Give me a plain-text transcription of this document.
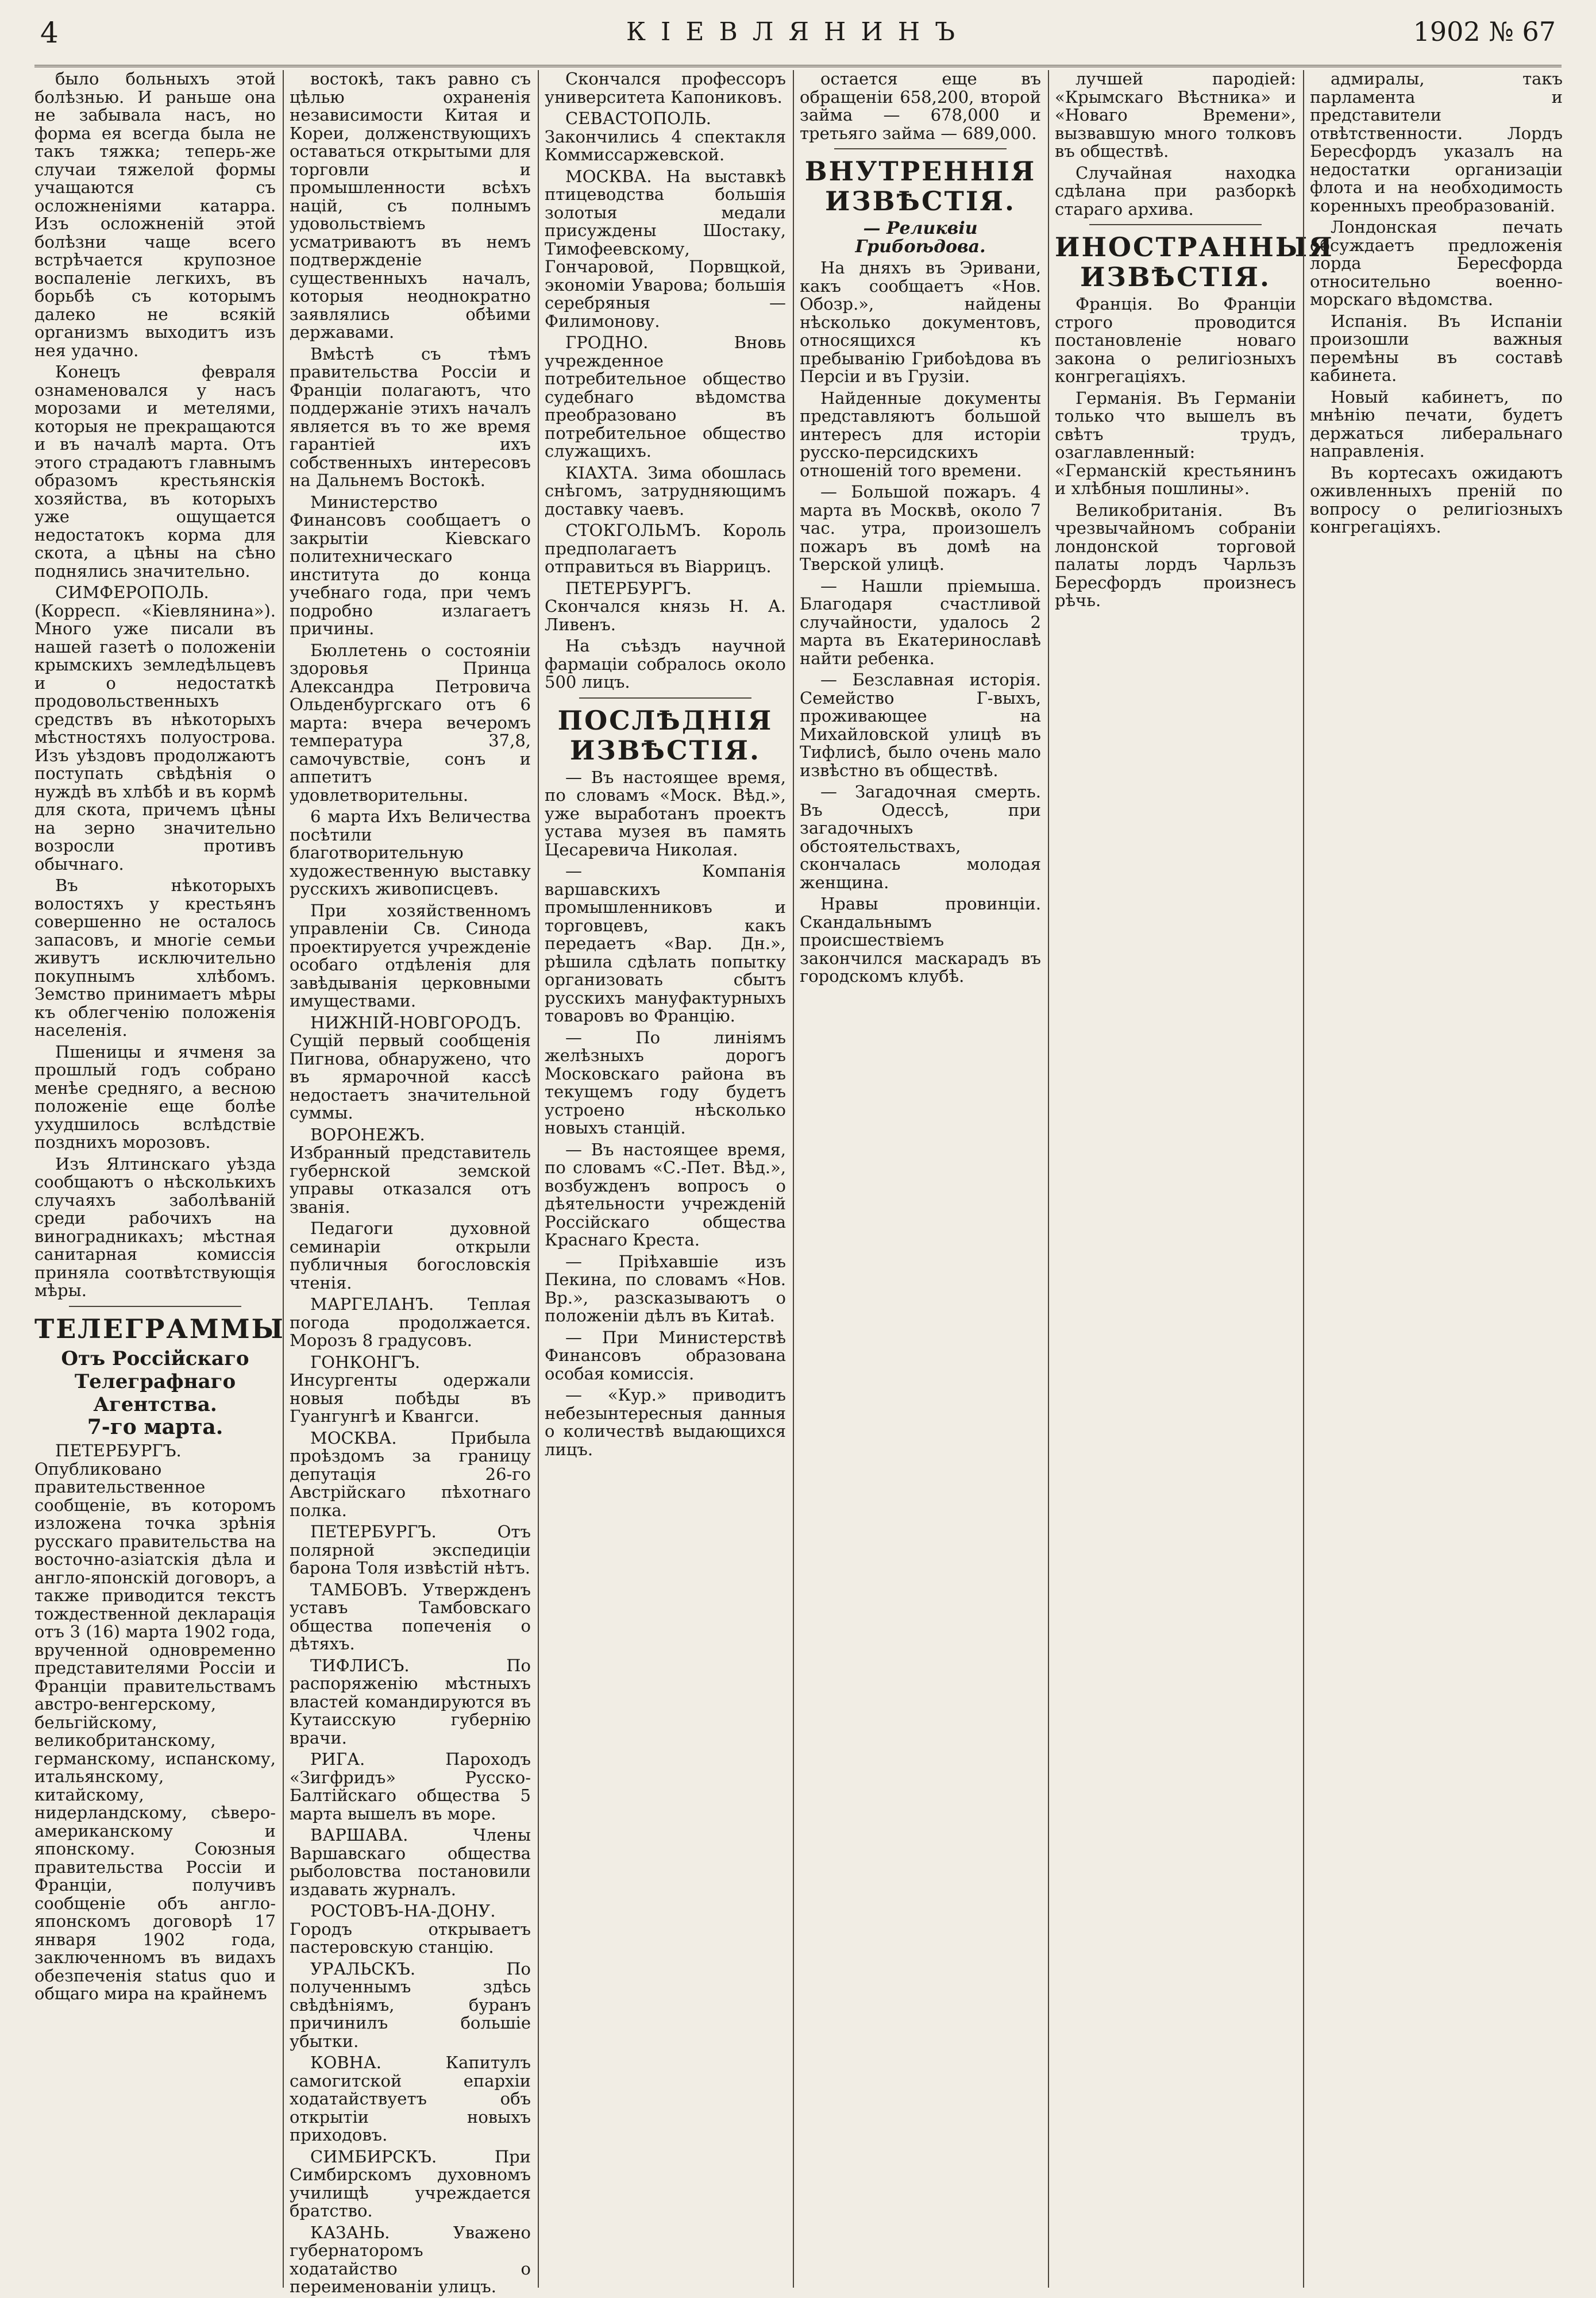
4	КІЕВЛЯНИНЪ	1902 № 67

было больныхъ этой болѣзнью. И раньше она не забывала насъ, но форма ея всегда была не такъ тяжка; теперь-же случаи тяжелой формы учащаются съ осложненіями катарра. Изъ осложненій этой болѣзни чаще всего встрѣчается крупозное воспаленіе легкихъ, въ борьбѣ съ которымъ далеко не всякій организмъ выходитъ изъ нея удачно.

Конецъ февраля ознаменовался у насъ морозами и метелями, которыя не прекращаются и въ началѣ марта. Отъ этого страдаютъ главнымъ образомъ крестьянскія хозяйства, въ которыхъ уже ощущается недостатокъ корма для скота, а цѣны на сѣно поднялись значительно.

СИМФЕРОПОЛЬ. (Корресп. «Кіевлянина»). Много уже писали въ нашей газетѣ о положеніи крымскихъ земледѣльцевъ и о недостаткѣ продовольственныхъ средствъ въ нѣкоторыхъ мѣстностяхъ полуострова. Изъ уѣздовъ продолжаютъ поступать свѣдѣнія о нуждѣ въ хлѣбѣ и въ кормѣ для скота, причемъ цѣны на зерно значительно возросли противъ обычнаго.

Въ нѣкоторыхъ волостяхъ у крестьянъ совершенно не осталось запасовъ, и многіе семьи живутъ исключительно покупнымъ хлѣбомъ. Земство принимаетъ мѣры къ облегченію положенія населенія.

Пшеницы и ячменя за прошлый годъ собрано менѣе средняго, а весною положеніе еще болѣе ухудшилось вслѣдствіе позднихъ морозовъ.

Изъ Ялтинскаго уѣзда сообщаютъ о нѣсколькихъ случаяхъ заболѣваній среди рабочихъ на виноградникахъ; мѣстная санитарная комиссія приняла соотвѣтствующія мѣры.

ТЕЛЕГРАММЫ
Отъ Россійскаго Телеграфнаго Агентства.
7-го марта.

ПЕТЕРБУРГЪ. Опубликовано правительственное сообщеніе, въ которомъ изложена точка зрѣнія русскаго правительства на восточно-азіатскія дѣла и англо-японскій договоръ, а также приводится текстъ тождественной декларація отъ 3 (16) марта 1902 года, врученной одновременно представителями Россіи и Франціи правительствамъ австро-венгерскому, бельгійскому, великобританскому, германскому, испанскому, итальянскому, китайскому, нидерландскому, сѣверо-американскому и японскому. Союзныя правительства Россіи и Франціи, получивъ сообщеніе объ англо-японскомъ договорѣ 17 января 1902 года, заключенномъ въ видахъ обезпеченія status quo и общаго мира на крайнемъ

востокѣ, такъ равно съ цѣлью охраненія независимости Китая и Кореи, долженствующихъ оставаться открытыми для торговли и промышленности всѣхъ націй, съ полнымъ удовольствіемъ усматриваютъ въ немъ подтвержденіе существенныхъ началъ, которыя неоднократно заявлялись обѣими державами.

Вмѣстѣ съ тѣмъ правительства Россіи и Франціи полагаютъ, что поддержаніе этихъ началъ является въ то же время гарантіей ихъ собственныхъ интересовъ на Дальнемъ Востокѣ.

Министерство Финансовъ сообщаетъ о закрытіи Кіевскаго политехническаго института до конца учебнаго года, при чемъ подробно излагаетъ причины.

Бюллетень о состояніи здоровья Принца Александра Петровича Ольденбургскаго отъ 6 марта: вчера вечеромъ температура 37,8, самочувствіе, сонъ и аппетитъ удовлетворительны.

6 марта Ихъ Величества посѣтили благотворительную художественную выставку русскихъ живописцевъ.

При хозяйственномъ управленіи Св. Синода проектируется учрежденіе особаго отдѣленія для завѣдыванія церковными имуществами.

НИЖНІЙ-НОВГОРОДЪ. Сущій первый сообщенія Пигнова, обнаружено, что въ ярмарочной кассѣ недостаетъ значительной суммы.

ВОРОНЕЖЪ. Избранный представитель губернской земской управы отказался отъ званія.

Педагоги духовной семинаріи открыли публичныя богословскія чтенія.

МАРГЕЛАНЪ. Теплая погода продолжается. Морозъ 8 градусовъ.

ГОНКОНГЪ. Инсургенты одержали новыя побѣды въ Гуангунгѣ и Квангси.

МОСКВА. Прибыла проѣздомъ за границу депутація 26-го Австрійскаго пѣхотнаго полка.

ПЕТЕРБУРГЪ. Отъ полярной экспедиціи барона Толя извѣстій нѣтъ.

ТАМБОВЪ. Утвержденъ уставъ Тамбовскаго общества попеченія о дѣтяхъ.

ТИФЛИСЪ. По распоряженію мѣстныхъ властей командируются въ Кутаисскую губернію врачи.

РИГА. Пароходъ «Зигфридъ» Русско-Балтійскаго общества 5 марта вышелъ въ море.

ВАРШАВА. Члены Варшавскаго общества рыболовства постановили издавать журналъ.

РОСТОВЪ-НА-ДОНУ. Городъ открываетъ пастеровскую станцію.

УРАЛЬСКЪ. По полученнымъ здѣсь свѣдѣніямъ, буранъ причинилъ большіе убытки.

КОВНА. Капитулъ самогитской епархіи ходатайствуетъ объ открытіи новыхъ приходовъ.

СИМБИРСКЪ. При Симбирскомъ духовномъ училищѣ учреждается братство.

КАЗАНЬ. Уважено губернаторомъ ходатайство о переименованіи улицъ.

Скончался профессоръ университета Капониковъ.

СЕВАСТОПОЛЬ. Закончились 4 спектакля Коммиссаржевской.

МОСКВА. На выставкѣ птицеводства большія золотыя медали присуждены Шостаку, Тимофеевскому, Гончаровой, Порвщкой, экономіи Уварова; большія серебряныя — Филимонову.

ГРОДНО. Вновь учрежденное потребительное общество судебнаго вѣдомства преобразовано въ потребительное общество служащихъ.

КІАХТА. Зима обошлась снѣгомъ, затрудняющимъ доставку чаевъ.

СТОКГОЛЬМЪ. Король предполагаетъ отправиться въ Віаррицъ.

ПЕТЕРБУРГЪ. Скончался князь Н. А. Ливенъ.

На съѣздъ научной фармаціи собралось около 500 лицъ.

ПОСЛѢДНІЯ ИЗВѢСТІЯ.

— Въ настоящее время, по словамъ «Моск. Вѣд.», уже выработанъ проектъ устава музея въ память Цесаревича Николая.

— Компанія варшавскихъ промышленниковъ и торговцевъ, какъ передаетъ «Вар. Дн.», рѣшила сдѣлать попытку организовать сбытъ русскихъ мануфактурныхъ товаровъ во Францію.

— По линіямъ желѣзныхъ дорогъ Московскаго района въ текущемъ году будетъ устроено нѣсколько новыхъ станцій.

— Въ настоящее время, по словамъ «С.-Пет. Вѣд.», возбужденъ вопросъ о дѣятельности учрежденій Россійскаго общества Краснаго Креста.

— Пріѣхавшіе изъ Пекина, по словамъ «Нов. Вр.», разсказываютъ о положеніи дѣлъ въ Китаѣ.

— При Министерствѣ Финансовъ образована особая комиссія.

— «Кур.» приводитъ небезынтересныя данныя о количествѣ выдающихся лицъ.

остается еще въ обращеніи 658,200, второй займа — 678,000 и третьяго займа — 689,000.

ВНУТРЕННІЯ ИЗВѢСТІЯ.
— Реликвіи Грибоѣдова.

На дняхъ въ Эривани, какъ сообщаетъ «Нов. Обозр.», найдены нѣсколько документовъ, относящихся къ пребыванію Грибоѣдова въ Персіи и въ Грузіи.

Найденные документы представляютъ большой интересъ для исторіи русско-персидскихъ отношеній того времени.

— Большой пожаръ. 4 марта въ Москвѣ, около 7 час. утра, произошелъ пожаръ въ домѣ на Тверской улицѣ.

— Нашли пріемыша. Благодаря счастливой случайности, удалось 2 марта въ Екатеринославѣ найти ребенка.

— Безславная исторія. Семейство Г-выхъ, проживающее на Михайловской улицѣ въ Тифлисѣ, было очень мало извѣстно въ обществѣ.

— Загадочная смерть. Въ Одессѣ, при загадочныхъ обстоятельствахъ, скончалась молодая женщина.

Нравы провинціи. Скандальнымъ происшествіемъ закончился маскарадъ въ городскомъ клубѣ.

лучшей пародіей: «Крымскаго Вѣстника» и «Новаго Времени», вызвавшую много толковъ въ обществѣ.

Случайная находка сдѣлана при разборкѣ стараго архива.

ИНОСТРАННЫЯ ИЗВѢСТІЯ.

Франція. Во Франціи строго проводится постановленіе новаго закона о религіозныхъ конгрегаціяхъ.

Германія. Въ Германіи только что вышелъ въ свѣтъ трудъ, озаглавленный: «Германскій крестьянинъ и хлѣбныя пошлины».

Великобританія. Въ чрезвычайномъ собраніи лондонской торговой палаты лордъ Чарльзъ Бересфордъ произнесъ рѣчь.

адмиралы, такъ парламента и представители отвѣтственности. Лордъ Бересфордъ указалъ на недостатки организаціи флота и на необходимость коренныхъ преобразованій.

Лондонская печать обсуждаетъ предложенія лорда Бересфорда относительно военно-морскаго вѣдомства.

Испанія. Въ Испаніи произошли важныя перемѣны въ составѣ кабинета.

Новый кабинетъ, по мнѣнію печати, будетъ держаться либеральнаго направленія.

Въ кортесахъ ожидаютъ оживленныхъ преній по вопросу о религіозныхъ конгрегаціяхъ.
